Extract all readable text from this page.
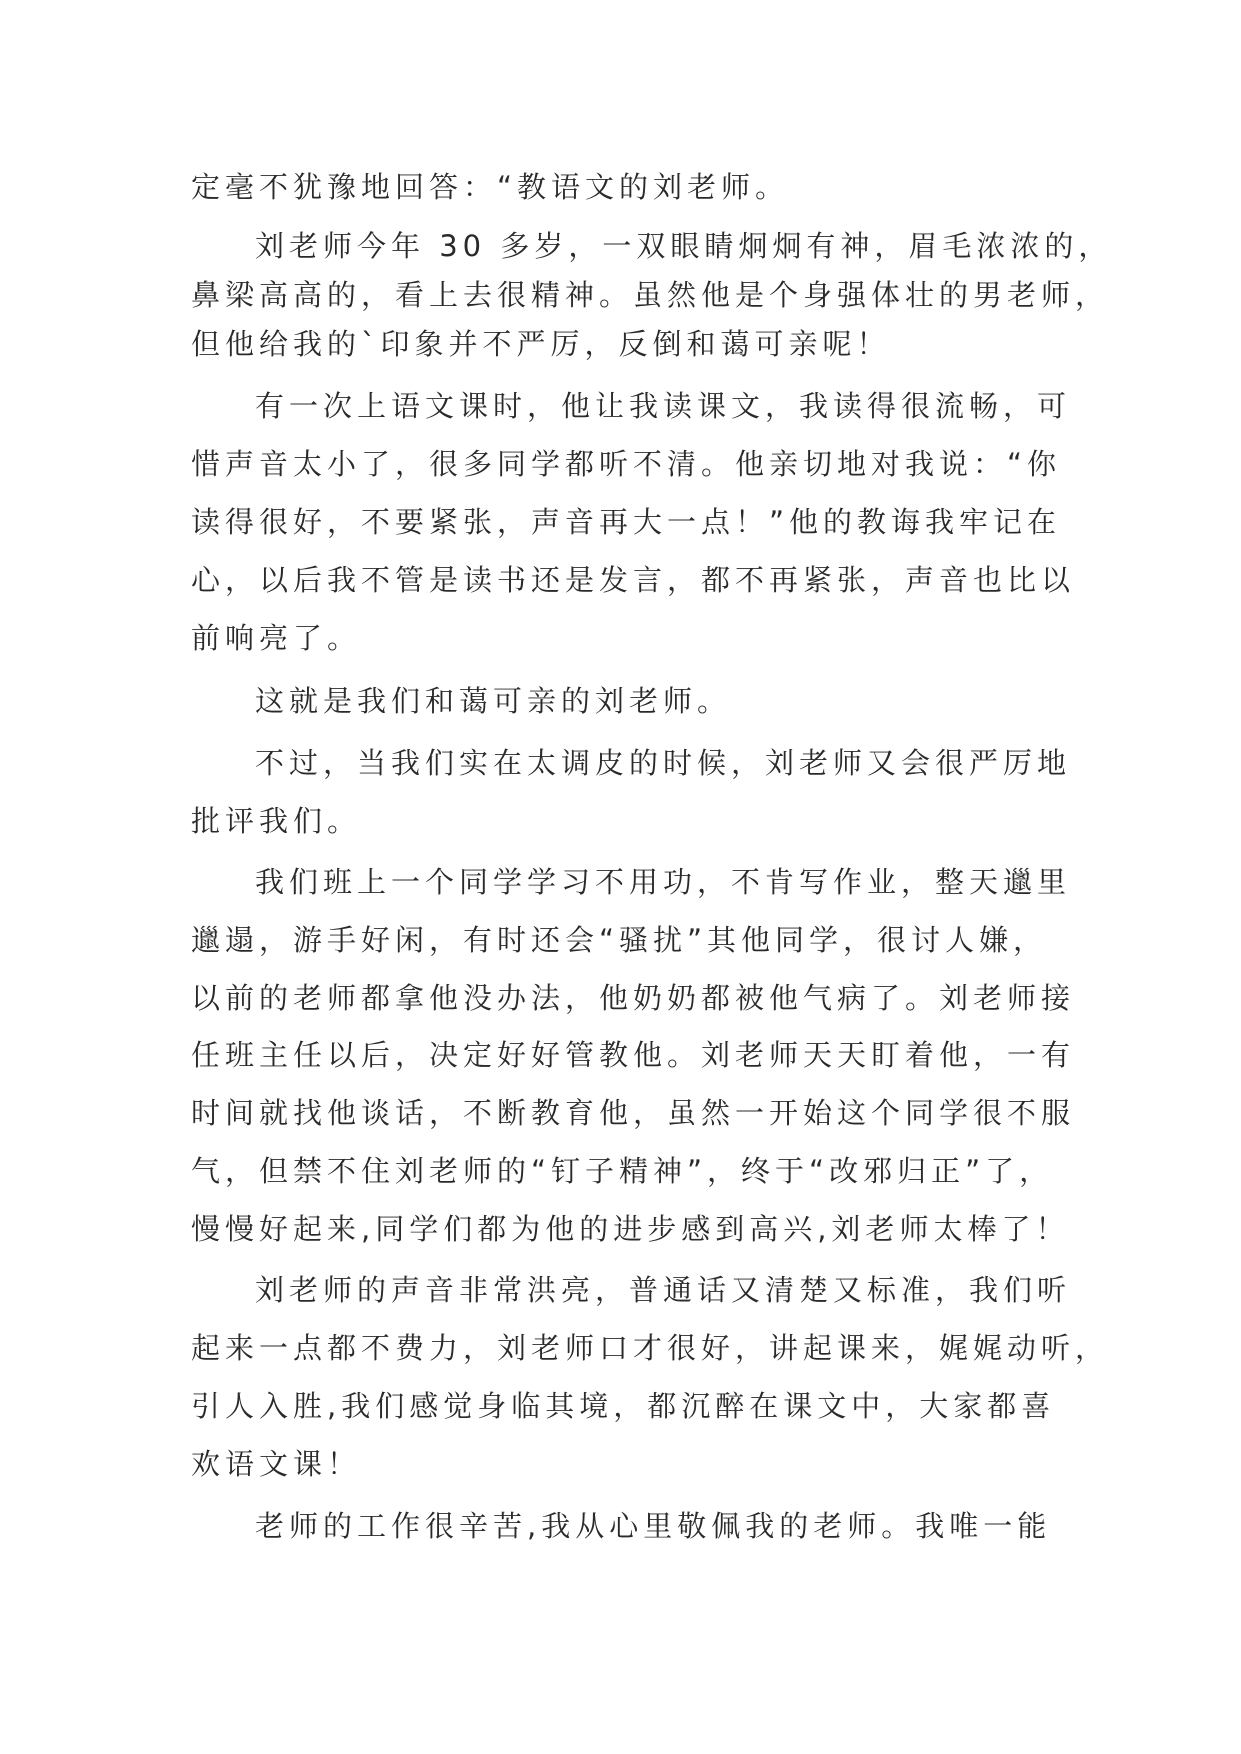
定毫不犹豫地回答：“教语文的刘老师。

刘老师今年 30 多岁，一双眼睛炯炯有神，眉毛浓浓的，

鼻梁高高的，看上去很精神。虽然他是个身强体壮的男老师，

但他给我的`印象并不严厉，反倒和蔼可亲呢！

有一次上语文课时，他让我读课文，我读得很流畅，可

惜声音太小了，很多同学都听不清。他亲切地对我说：“你

读得很好，不要紧张，声音再大一点！”他的教诲我牢记在

心，以后我不管是读书还是发言，都不再紧张，声音也比以

前响亮了。

这就是我们和蔼可亲的刘老师。

不过，当我们实在太调皮的时候，刘老师又会很严厉地

批评我们。

我们班上一个同学学习不用功，不肯写作业，整天邋里

邋遢，游手好闲，有时还会“骚扰”其他同学，很讨人嫌，

以前的老师都拿他没办法，他奶奶都被他气病了。刘老师接

任班主任以后，决定好好管教他。刘老师天天盯着他，一有

时间就找他谈话，不断教育他，虽然一开始这个同学很不服

气，但禁不住刘老师的“钉子精神”，终于“改邪归正”了，

慢慢好起来,同学们都为他的进步感到高兴,刘老师太棒了！

刘老师的声音非常洪亮，普通话又清楚又标准，我们听

起来一点都不费力，刘老师口才很好，讲起课来，娓娓动听，

引人入胜,我们感觉身临其境，都沉醉在课文中，大家都喜

欢语文课！

老师的工作很辛苦,我从心里敬佩我的老师。我唯一能
